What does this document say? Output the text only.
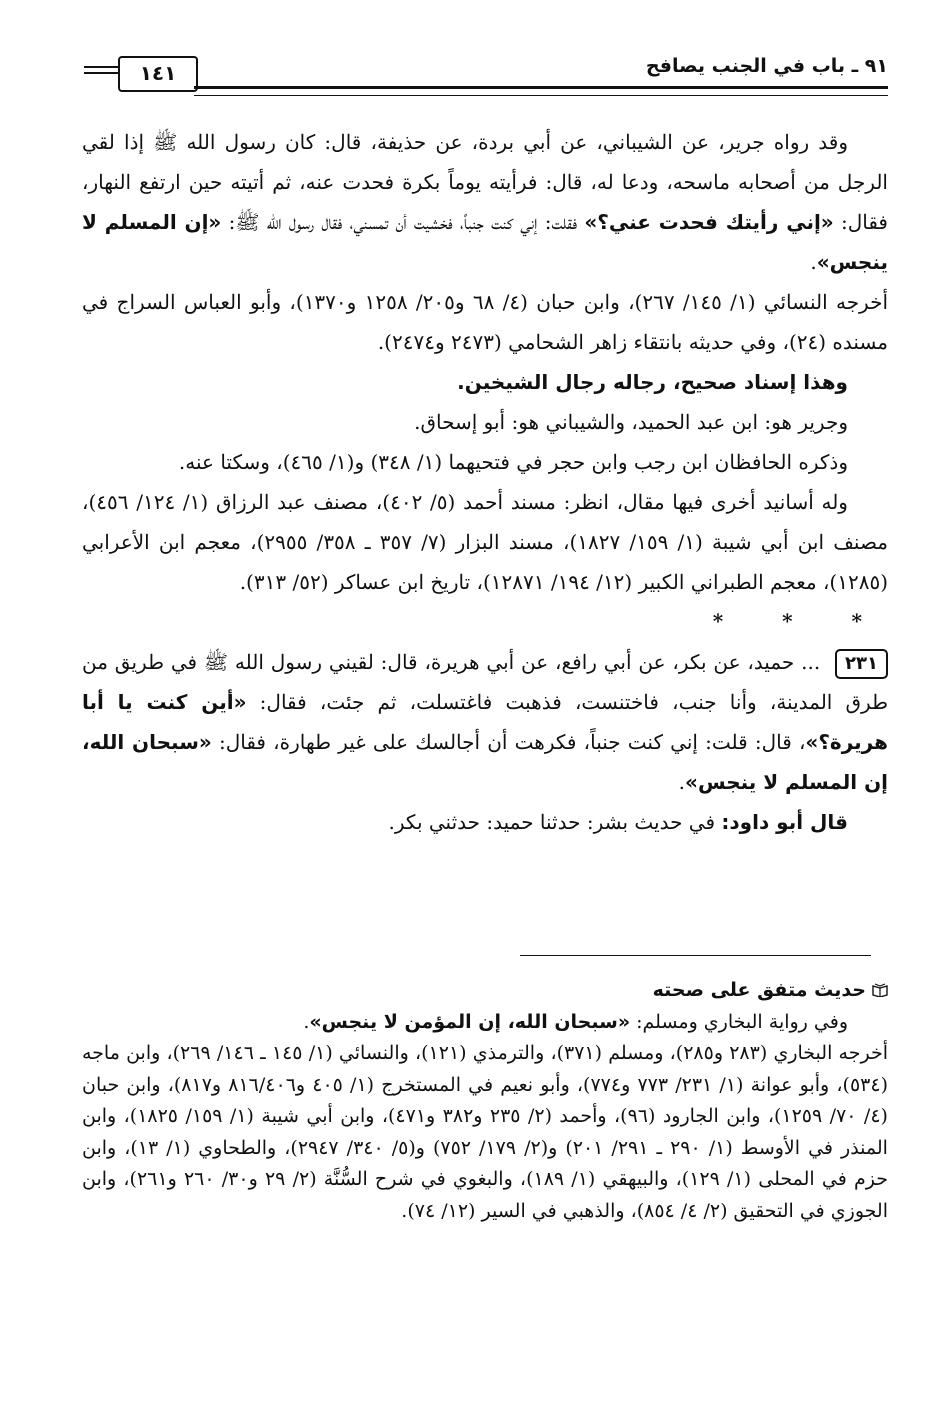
١٤١	٩١ ـ باب في الجنب يصافح

وقد رواه جرير، عن الشيباني، عن أبي بردة، عن حذيفة، قال: كان رسول الله ﷺ إذا لقي الرجل من أصحابه ماسحه، ودعا له، قال: فرأيته يوماً بكرة فحدت عنه، ثم أتيته حين ارتفع النهار، فقال: «إني رأيتك فحدت عني؟» فقلت: إني كنت جنباً، فخشيت أن تمسني، فقال رسول الله ﷺ: «إن المسلم لا ينجس».

أخرجه النسائي (١/ ١٤٥/ ٢٦٧)، وابن حبان (٤/ ٦٨ و٢٠٥/ ١٢٥٨ و١٣٧٠)، وأبو العباس السراج في مسنده (٢٤)، وفي حديثه بانتقاء زاهر الشحامي (٢٤٧٣ و٢٤٧٤).

وهذا إسناد صحيح، رجاله رجال الشيخين.

وجرير هو: ابن عبد الحميد، والشيباني هو: أبو إسحاق.

وذكره الحافظان ابن رجب وابن حجر في فتحيهما (١/ ٣٤٨) و(١/ ٤٦٥)، وسكتا عنه.

وله أسانيد أخرى فيها مقال، انظر: مسند أحمد (٥/ ٤٠٢)، مصنف عبد الرزاق (١/ ١٢٤/ ٤٥٦)، مصنف ابن أبي شيبة (١/ ١٥٩/ ١٨٢٧)، مسند البزار (٧/ ٣٥٧ ـ ٣٥٨/ ٢٩٥٥)، معجم ابن الأعرابي (١٢٨٥)، معجم الطبراني الكبير (١٢/ ١٩٤/ ١٢٨٧١)، تاريخ ابن عساكر (٥٢/ ٣١٣).

* * *

٢٣١ ... حميد، عن بكر، عن أبي رافع، عن أبي هريرة، قال: لقيني رسول الله ﷺ في طريق من طرق المدينة، وأنا جنب، فاختنست، فذهبت فاغتسلت، ثم جئت، فقال: «أين كنت يا أبا هريرة؟»، قال: قلت: إني كنت جنباً، فكرهت أن أجالسك على غير طهارة، فقال: «سبحان الله، إن المسلم لا ينجس».

قال أبو داود: في حديث بشر: حدثنا حميد: حدثني بكر.

حديث متفق على صحته

وفي رواية البخاري ومسلم: «سبحان الله، إن المؤمن لا ينجس».

أخرجه البخاري (٢٨٣ و٢٨٥)، ومسلم (٣٧١)، والترمذي (١٢١)، والنسائي (١/ ١٤٥ ـ ١٤٦/ ٢٦٩)، وابن ماجه (٥٣٤)، وأبو عوانة (١/ ٢٣١/ ٧٧٣ و٧٧٤)، وأبو نعيم في المستخرج (١/ ٤٠٥ و٨١٦/٤٠٦ و٨١٧)، وابن حبان (٤/ ٧٠/ ١٢٥٩)، وابن الجارود (٩٦)، وأحمد (٢/ ٢٣٥ و٣٨٢ و٤٧١)، وابن أبي شيبة (١/ ١٥٩/ ١٨٢٥)، وابن المنذر في الأوسط (١/ ٢٩٠ ـ ٢٩١/ ٢٠١) و(٢/ ١٧٩/ ٧٥٢) و(٥/ ٣٤٠/ ٢٩٤٧)، والطحاوي (١/ ١٣)، وابن حزم في المحلى (١/ ١٢٩)، والبيهقي (١/ ١٨٩)، والبغوي في شرح السُّنَّة (٢/ ٢٩ و٣٠/ ٢٦٠ و٢٦١)، وابن الجوزي في التحقيق (٢/ ٤/ ٨٥٤)، والذهبي في السير (١٢/ ٧٤).
